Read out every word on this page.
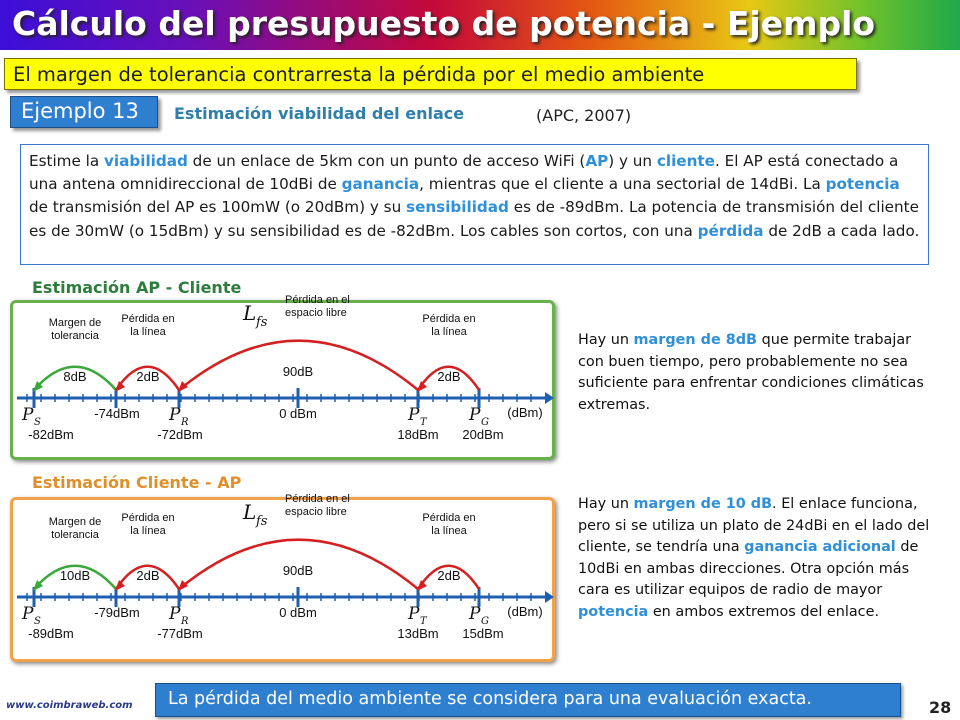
Cálculo del presupuesto de potencia - Ejemplo
El margen de tolerancia contrarresta la pérdida por el medio ambiente
Ejemplo 13 Estimación viabilidad del enlace	(APC, 2007)
Estime la viabilidad de un enlace de 5km con un punto de acceso WiFi (AP) y un cliente. El AP está conectado a una antena omnidireccional de 10dBi de ganancia, mientras que el cliente a una sectorial de 14dBi. La potencia de transmisión del AP es 100mW (o 20dBm) y su sensibilidad es de -89dBm. La potencia de transmisión del cliente es de 30mW (o 15dBm) y su sensibilidad es de -82dBm. Los cables son cortos, con una pérdida de 2dB a cada lado.
Estimación AP - Cliente
8dB	2dB	90dB	2dB
Margen de
tolerancia
Pérdida en
la línea
Pérdida en
la línea
Pérdida en el
espacio libre
L fs
P S	P R	P T P G
-74dBm	0 dBm	(dBm)
-82dBm	-72dBm	18dBm 20dBm
Hay un margen de 8dB que permite trabajar con buen tiempo, pero probablemente no sea suficiente para enfrentar condiciones climáticas extremas.
Estimación Cliente - AP
10dB	2dB	90dB	2dB
Margen de
tolerancia
Pérdida en
la línea
Pérdida en
la línea
Pérdida en el
espacio libre
L fs
P S	P R	P T P G
-79dBm	0 dBm	(dBm)
-89dBm	-77dBm	13dBm 15dBm
Hay un margen de 10 dB. El enlace funciona, pero si se utiliza un plato de 24dBi en el lado del cliente, se tendría una ganancia adicional de 10dBi en ambas direcciones. Otra opción más cara es utilizar equipos de radio de mayor potencia en ambos extremos del enlace.
www.coimbraweb.com La pérdida del medio ambiente se considera para una evaluación exacta.	28
